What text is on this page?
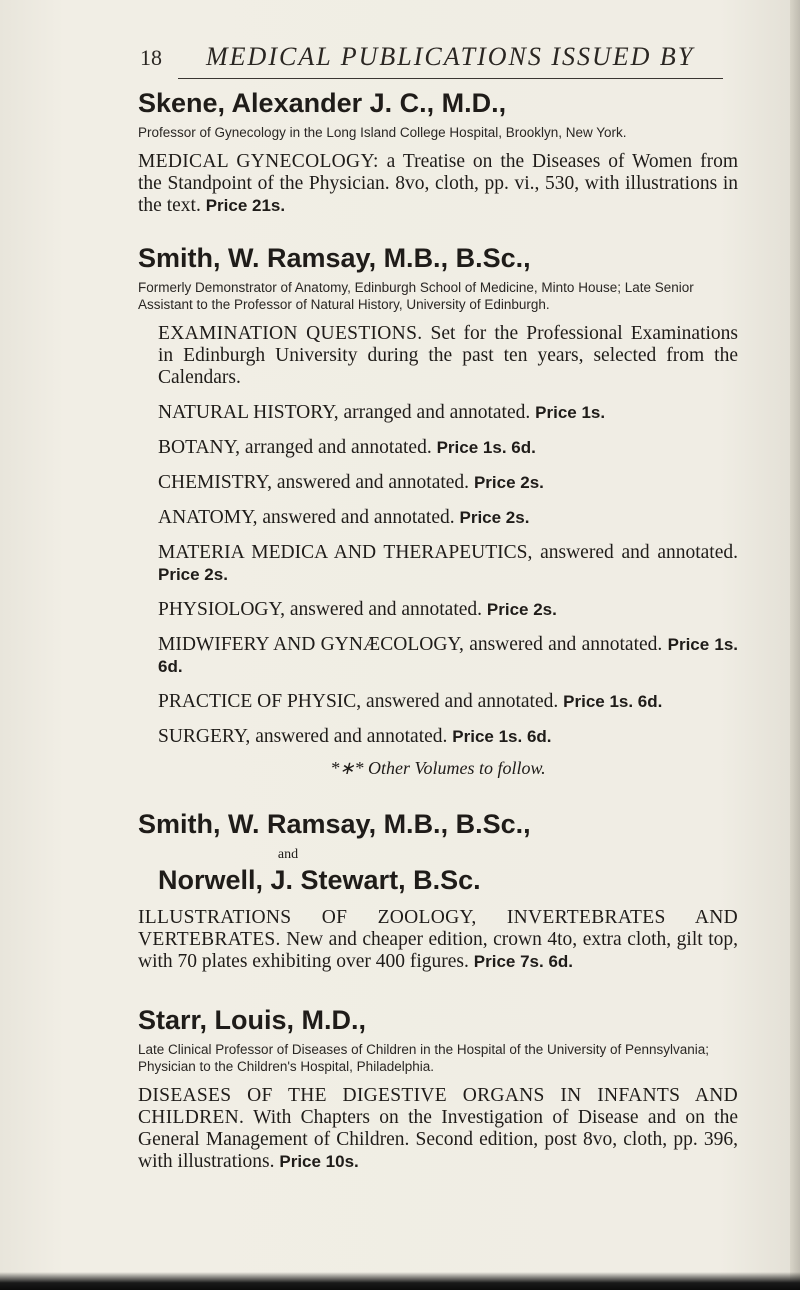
18 MEDICAL PUBLICATIONS ISSUED BY

Skene, Alexander J. C., M.D.,

Professor of Gynecology in the Long Island College Hospital, Brooklyn, New York.

MEDICAL GYNECOLOGY: a Treatise on the Diseases of Women from the Standpoint of the Physician. 8vo, cloth, pp. vi., 530, with illustrations in the text. Price 21s.

Smith, W. Ramsay, M.B., B.Sc.,

Formerly Demonstrator of Anatomy, Edinburgh School of Medicine, Minto House; Late Senior Assistant to the Professor of Natural History, University of Edinburgh.

EXAMINATION QUESTIONS. Set for the Professional Examinations in Edinburgh University during the past ten years, selected from the Calendars.

NATURAL HISTORY, arranged and annotated. Price 1s.

BOTANY, arranged and annotated. Price 1s. 6d.

CHEMISTRY, answered and annotated. Price 2s.

ANATOMY, answered and annotated. Price 2s.

MATERIA MEDICA AND THERAPEUTICS, answered and annotated. Price 2s.

PHYSIOLOGY, answered and annotated. Price 2s.

MIDWIFERY AND GYNÆCOLOGY, answered and annotated. Price 1s. 6d.

PRACTICE OF PHYSIC, answered and annotated. Price 1s. 6d.

SURGERY, answered and annotated. Price 1s. 6d.

*∗* Other Volumes to follow.

Smith, W. Ramsay, M.B., B.Sc.,

and

Norwell, J. Stewart, B.Sc.

ILLUSTRATIONS OF ZOOLOGY, INVERTEBRATES AND VERTEBRATES. New and cheaper edition, crown 4to, extra cloth, gilt top, with 70 plates exhibiting over 400 figures. Price 7s. 6d.

Starr, Louis, M.D.,

Late Clinical Professor of Diseases of Children in the Hospital of the University of Pennsylvania; Physician to the Children's Hospital, Philadelphia.

DISEASES OF THE DIGESTIVE ORGANS IN INFANTS AND CHILDREN. With Chapters on the Investigation of Disease and on the General Management of Children. Second edition, post 8vo, cloth, pp. 396, with illustrations. Price 10s.
